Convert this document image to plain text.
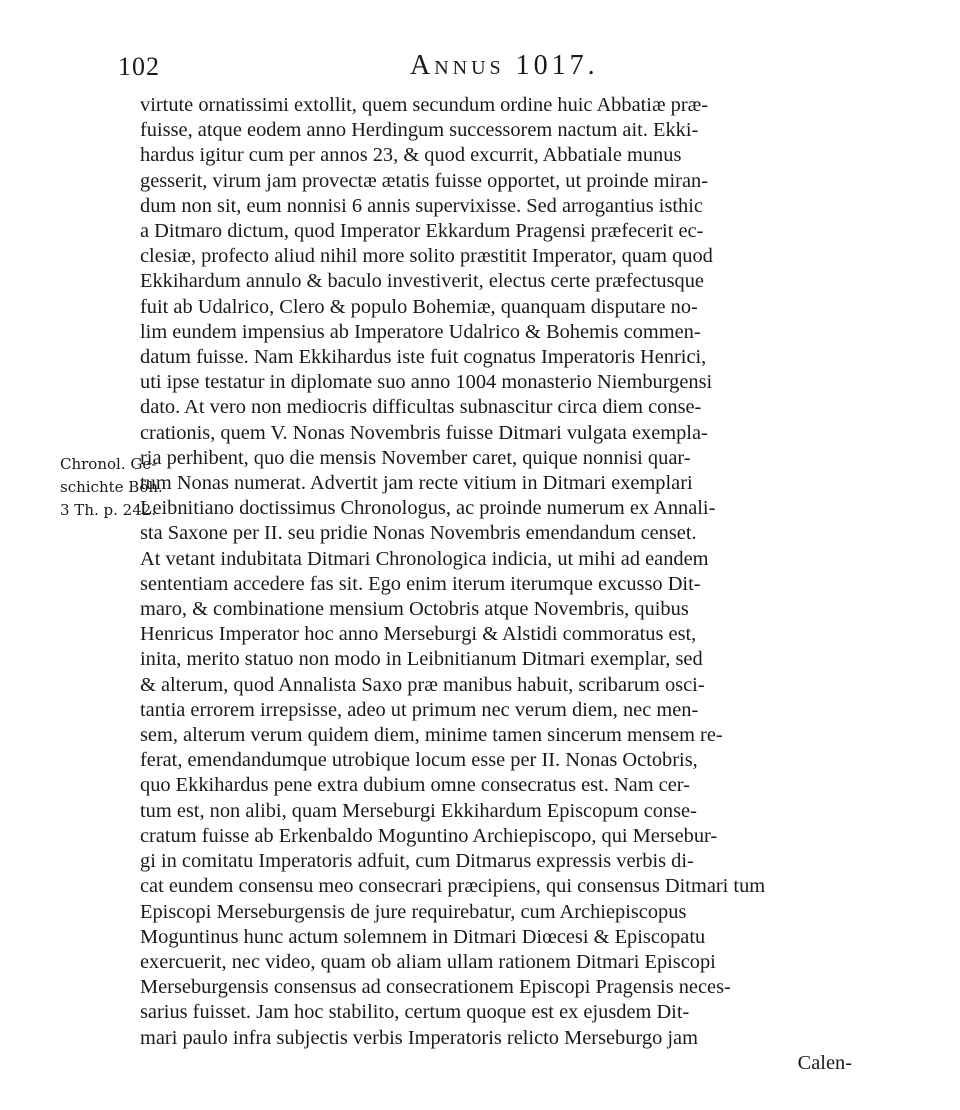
102	Annus 1017.
Chronol. Ge-
schichte Böh.
3 Th. p. 242.
virtute ornatissimi extollit, quem secundum ordine huic Abbatiæ præ-
fuisse, atque eodem anno Herdingum successorem nactum ait. Ekki-
hardus igitur cum per annos 23, & quod excurrit, Abbatiale munus
gesserit, virum jam provectæ ætatis fuisse opportet, ut proinde miran-
dum non sit, eum nonnisi 6 annis supervixisse. Sed arrogantius isthic
a Ditmaro dictum, quod Imperator Ekkardum Pragensi præfecerit ec-
clesiæ, profecto aliud nihil more solito præstitit Imperator, quam quod
Ekkihardum annulo & baculo investiverit, electus certe præfectusque
fuit ab Udalrico, Clero & populo Bohemiæ, quanquam disputare no-
lim eundem impensius ab Imperatore Udalrico & Bohemis commen-
datum fuisse. Nam Ekkihardus iste fuit cognatus Imperatoris Henrici,
uti ipse testatur in diplomate suo anno 1004 monasterio Niemburgensi
dato. At vero non mediocris difficultas subnascitur circa diem conse-
crationis, quem V. Nonas Novembris fuisse Ditmari vulgata exempla-
ria perhibent, quo die mensis November caret, quique nonnisi quar-
tum Nonas numerat. Advertit jam recte vitium in Ditmari exemplari
Leibnitiano doctissimus Chronologus, ac proinde numerum ex Annali-
sta Saxone per II. seu pridie Nonas Novembris emendandum censet.
At vetant indubitata Ditmari Chronologica indicia, ut mihi ad eandem
sententiam accedere fas sit. Ego enim iterum iterumque excusso Dit-
maro, & combinatione mensium Octobris atque Novembris, quibus
Henricus Imperator hoc anno Merseburgi & Alstidi commoratus est,
inita, merito statuo non modo in Leibnitianum Ditmari exemplar, sed
& alterum, quod Annalista Saxo præ manibus habuit, scribarum osci-
tantia errorem irrepsisse, adeo ut primum nec verum diem, nec men-
sem, alterum verum quidem diem, minime tamen sincerum mensem re-
ferat, emendandumque utrobique locum esse per II. Nonas Octobris,
quo Ekkihardus pene extra dubium omne consecratus est. Nam cer-
tum est, non alibi, quam Merseburgi Ekkihardum Episcopum conse-
cratum fuisse ab Erkenbaldo Moguntino Archiepiscopo, qui Mersebur-
gi in comitatu Imperatoris adfuit, cum Ditmarus expressis verbis di-
cat eundem consensu meo consecrari præcipiens, qui consensus Ditmari tum
Episcopi Merseburgensis de jure requirebatur, cum Archiepiscopus
Moguntinus hunc actum solemnem in Ditmari Diœcesi & Episcopatu
exercuerit, nec video, quam ob aliam ullam rationem Ditmari Episcopi
Merseburgensis consensus ad consecrationem Episcopi Pragensis neces-
sarius fuisset. Jam hoc stabilito, certum quoque est ex ejusdem Dit-
mari paulo infra subjectis verbis Imperatoris relicto Merseburgo jam
Calen-
